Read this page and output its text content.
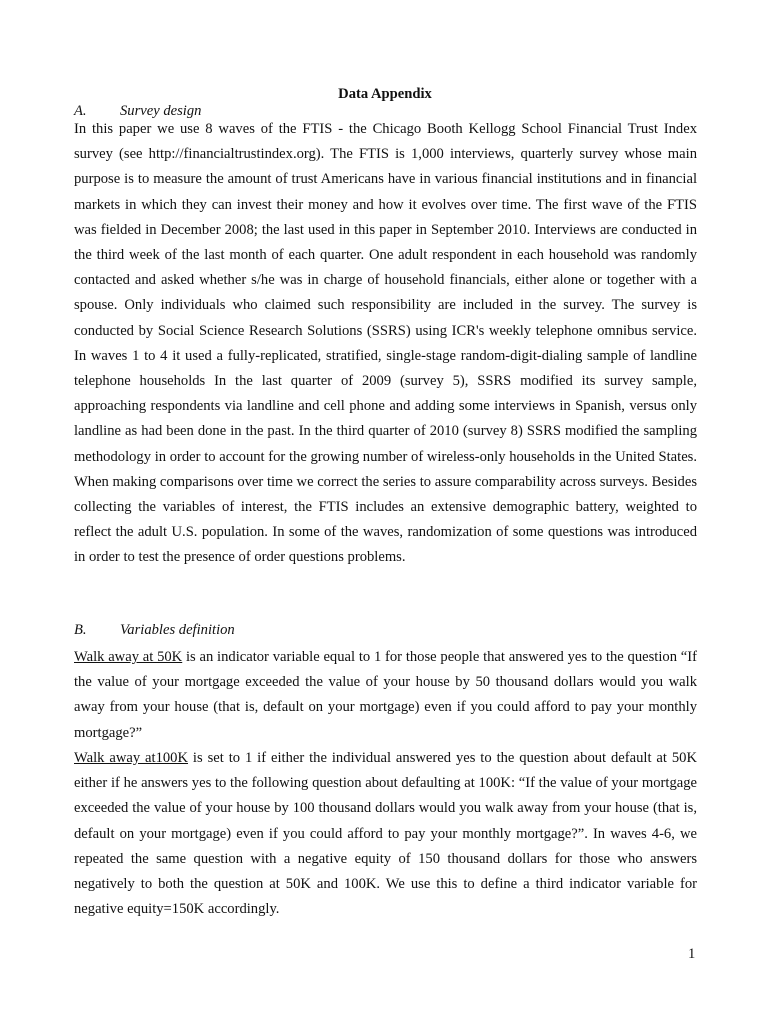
Data Appendix
A. Survey design
In this paper we use 8 waves of the FTIS - the Chicago Booth Kellogg School Financial Trust Index survey (see http://financialtrustindex.org). The FTIS is 1,000 interviews, quarterly survey whose main purpose is to measure the amount of trust Americans have in various financial institutions and in financial markets in which they can invest their money and how it evolves over time. The first wave of the FTIS was fielded in December 2008; the last used in this paper in September 2010. Interviews are conducted in the third week of the last month of each quarter. One adult respondent in each household was randomly contacted and asked whether s/he was in charge of household financials, either alone or together with a spouse. Only individuals who claimed such responsibility are included in the survey. The survey is conducted by Social Science Research Solutions (SSRS) using ICR's weekly telephone omnibus service. In waves 1 to 4 it used a fully-replicated, stratified, single-stage random-digit-dialing sample of landline telephone households In the last quarter of 2009 (survey 5), SSRS modified its survey sample, approaching respondents via landline and cell phone and adding some interviews in Spanish, versus only landline as had been done in the past. In the third quarter of 2010 (survey 8) SSRS modified the sampling methodology in order to account for the growing number of wireless-only households in the United States. When making comparisons over time we correct the series to assure comparability across surveys. Besides collecting the variables of interest, the FTIS includes an extensive demographic battery, weighted to reflect the adult U.S. population. In some of the waves, randomization of some questions was introduced in order to test the presence of order questions problems.
B. Variables definition
Walk away at 50K is an indicator variable equal to 1 for those people that answered yes to the question “If the value of your mortgage exceeded the value of your house by 50 thousand dollars would you walk away from your house (that is, default on your mortgage) even if you could afford to pay your monthly mortgage?”
Walk away at100K is set to 1 if either the individual answered yes to the question about default at 50K either if he answers yes to the following question about defaulting at 100K: “If the value of your mortgage exceeded the value of your house by 100 thousand dollars would you walk away from your house (that is, default on your mortgage) even if you could afford to pay your monthly mortgage?”. In waves 4-6, we repeated the same question with a negative equity of 150 thousand dollars for those who answers negatively to both the question at 50K and 100K. We use this to define a third indicator variable for negative equity=150K accordingly.
1
